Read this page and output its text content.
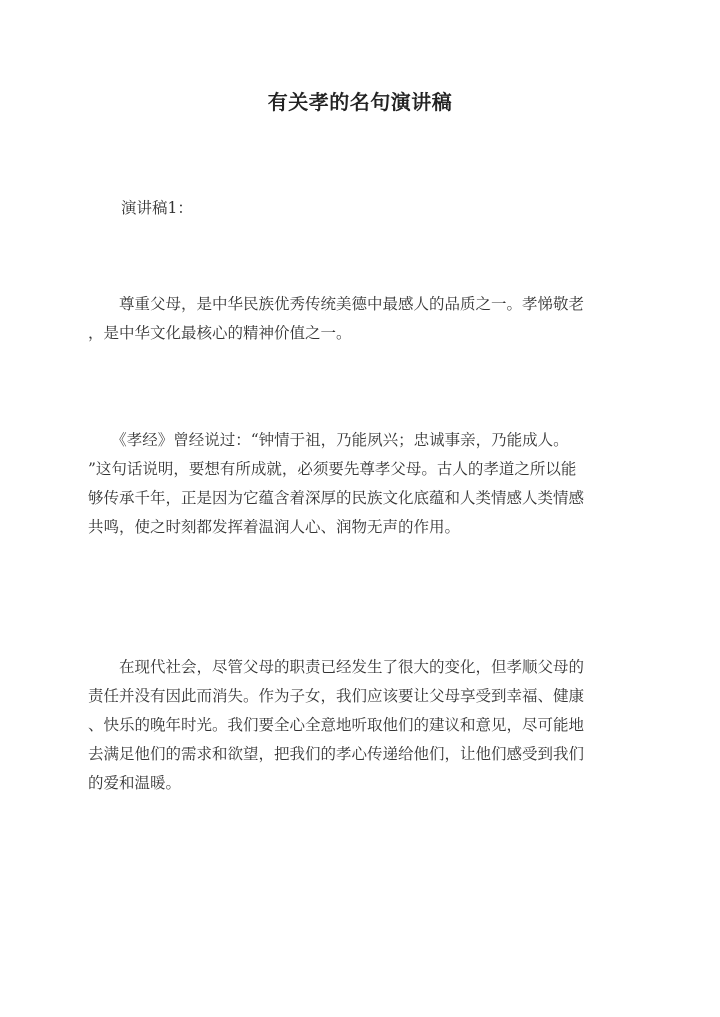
有关孝的名句演讲稿
演讲稿1：
　　尊重父母，是中华民族优秀传统美德中最感人的品质之一。孝悌敬老
，是中华文化最核心的精神价值之一。
　　《孝经》曾经说过：“钟情于祖，乃能夙兴；忠诚事亲，乃能成人。
”这句话说明，要想有所成就，必须要先尊孝父母。古人的孝道之所以能
够传承千年，正是因为它蕴含着深厚的民族文化底蕴和人类情感人类情感
共鸣，使之时刻都发挥着温润人心、润物无声的作用。
　　在现代社会，尽管父母的职责已经发生了很大的变化，但孝顺父母的
责任并没有因此而消失。作为子女，我们应该要让父母享受到幸福、健康
、快乐的晚年时光。我们要全心全意地听取他们的建议和意见，尽可能地
去满足他们的需求和欲望，把我们的孝心传递给他们，让他们感受到我们
的爱和温暖。
